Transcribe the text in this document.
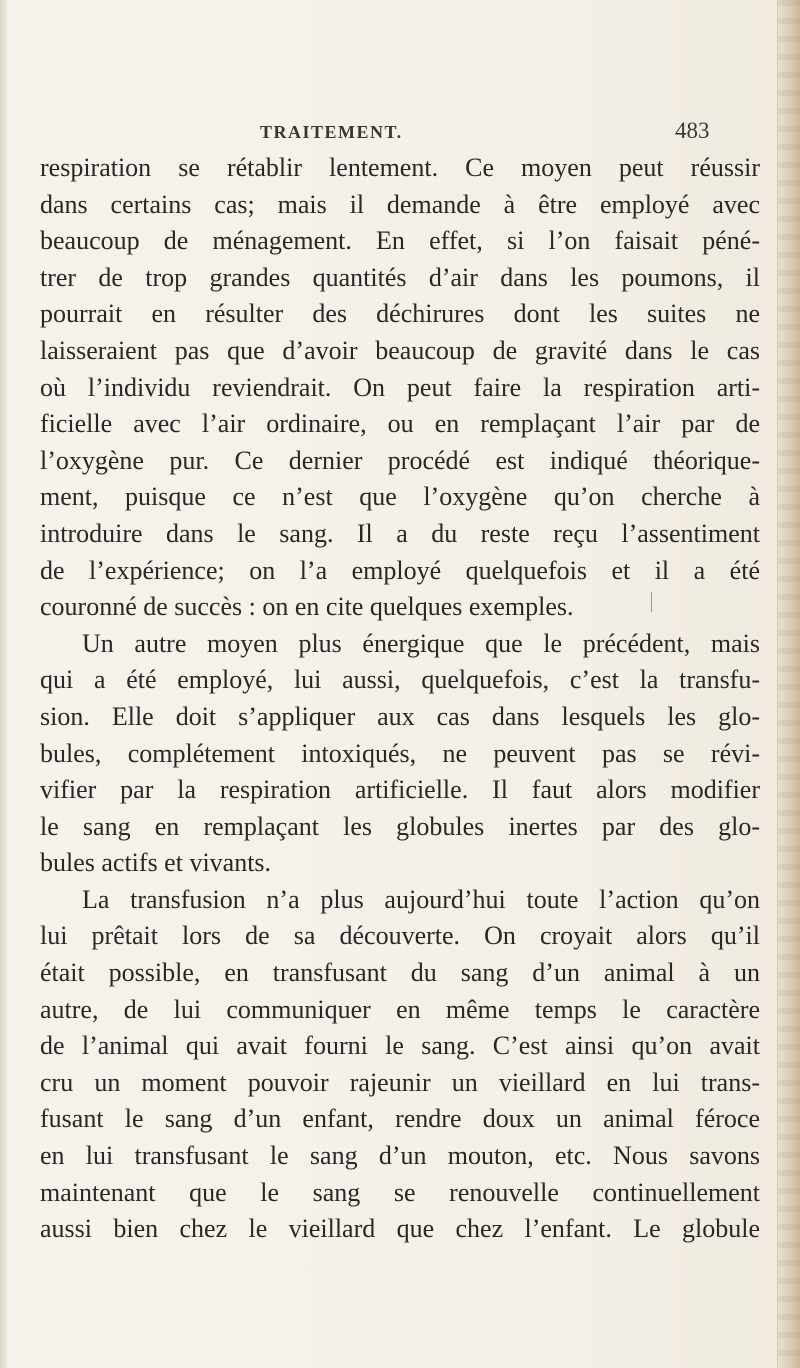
TRAITEMENT.	483
respiration se rétablir lentement. Ce moyen peut réussir
dans certains cas; mais il demande à être employé avec
beaucoup de ménagement. En effet, si l’on faisait péné-
trer de trop grandes quantités d’air dans les poumons, il
pourrait en résulter des déchirures dont les suites ne
laisseraient pas que d’avoir beaucoup de gravité dans le cas
où l’individu reviendrait. On peut faire la respiration arti-
ficielle avec l’air ordinaire, ou en remplaçant l’air par de
l’oxygène pur. Ce dernier procédé est indiqué théorique-
ment, puisque ce n’est que l’oxygène qu’on cherche à
introduire dans le sang. Il a du reste reçu l’assentiment
de l’expérience; on l’a employé quelquefois et il a été
couronné de succès : on en cite quelques exemples.
Un autre moyen plus énergique que le précédent, mais
qui a été employé, lui aussi, quelquefois, c’est la transfu-
sion. Elle doit s’appliquer aux cas dans lesquels les glo-
bules, complétement intoxiqués, ne peuvent pas se révi-
vifier par la respiration artificielle. Il faut alors modifier
le sang en remplaçant les globules inertes par des glo-
bules actifs et vivants.
La transfusion n’a plus aujourd’hui toute l’action qu’on
lui prêtait lors de sa découverte. On croyait alors qu’il
était possible, en transfusant du sang d’un animal à un
autre, de lui communiquer en même temps le caractère
de l’animal qui avait fourni le sang. C’est ainsi qu’on avait
cru un moment pouvoir rajeunir un vieillard en lui trans-
fusant le sang d’un enfant, rendre doux un animal féroce
en lui transfusant le sang d’un mouton, etc. Nous savons
maintenant que le sang se renouvelle continuellement
aussi bien chez le vieillard que chez l’enfant. Le globule
